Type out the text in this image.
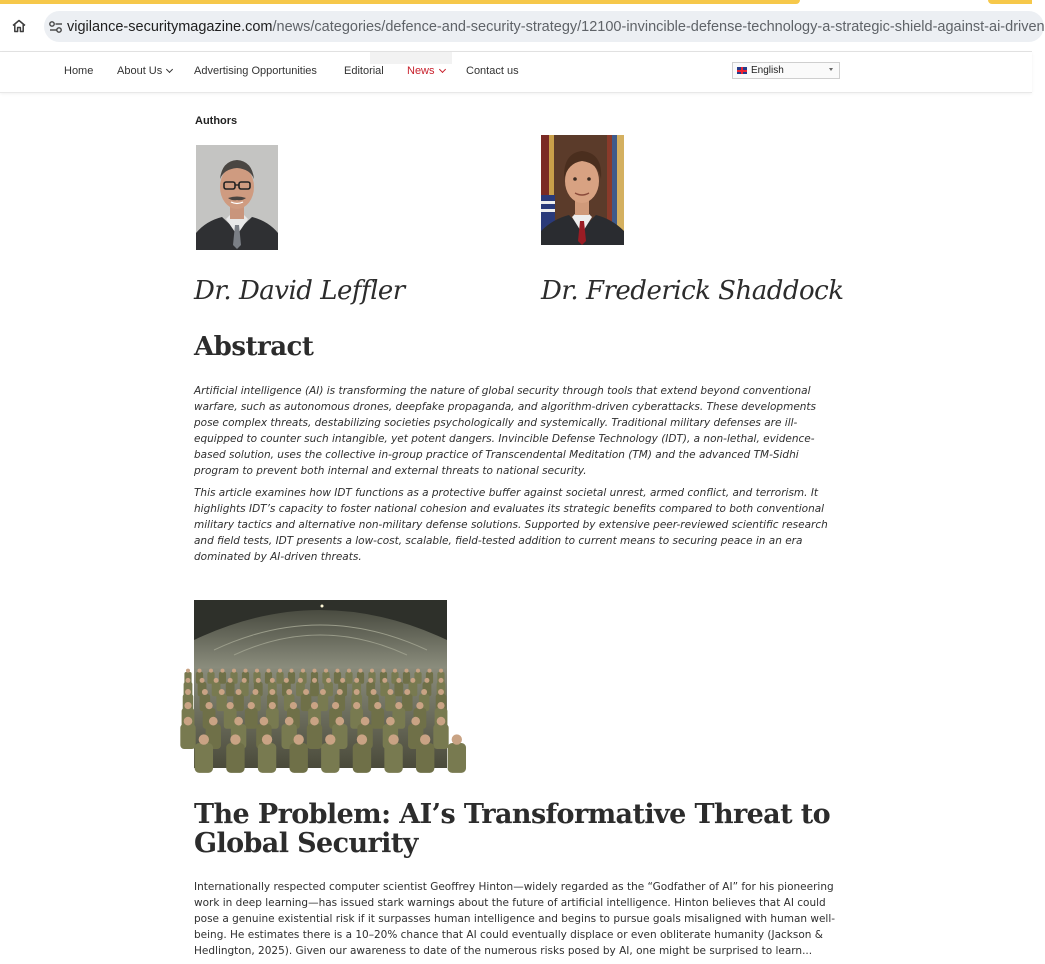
vigilance-securitymagazine.com/news/categories/defence-and-security-strategy/12100-invincible-defense-technology-a-strategic-shield-against-ai-driven
Home About Us	Advertising Opportunities Editorial News	Contact us	English
Authors
Dr. David Leffler	Dr. Frederick Shaddock
Abstract

Artificial intelligence (AI) is transforming the nature of global security through tools that extend beyond conventional warfare, such as autonomous drones, deepfake propaganda, and algorithm-driven cyberattacks. These developments pose complex threats, destabilizing societies psychologically and systemically. Traditional military defenses are ill-equipped to counter such intangible, yet potent dangers. Invincible Defense Technology (IDT), a non-lethal, evidence-based solution, uses the collective in-group practice of Transcendental Meditation (TM) and the advanced TM-Sidhi program to prevent both internal and external threats to national security.

This article examines how IDT functions as a protective buffer against societal unrest, armed conflict, and terrorism. It highlights IDT’s capacity to foster national cohesion and evaluates its strategic benefits compared to both conventional military tactics and alternative non-military defense solutions. Supported by extensive peer-reviewed scientific research and field tests, IDT presents a low-cost, scalable, field-tested addition to current means to securing peace in an era dominated by AI-driven threats.

The Problem: AI’s Transformative Threat to Global Security

Internationally respected computer scientist Geoffrey Hinton—widely regarded as the “Godfather of AI” for his pioneering work in deep learning—has issued stark warnings about the future of artificial intelligence. Hinton believes that AI could pose a genuine existential risk if it surpasses human intelligence and begins to pursue goals misaligned with human well-being. He estimates there is a 10–20% chance that AI could eventually displace or even obliterate humanity (Jackson & Hedlington, 2025). Given our awareness to date of the numerous risks posed by AI, one might be surprised to learn...
